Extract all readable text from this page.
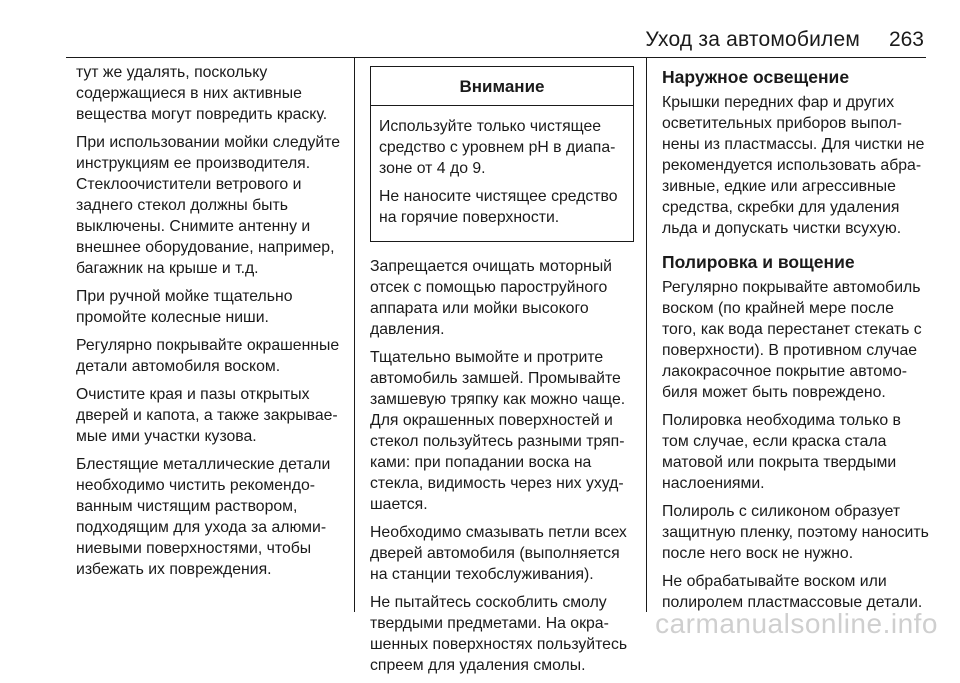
Уход за автомобилем 263

тут же удалять, поскольку содержащиеся в них активные вещества могут повредить краску.

При использовании мойки следуйте инструкциям ее производителя. Стеклоочистители ветрового и заднего стекол должны быть выключены. Снимите антенну и внешнее оборудование, например, багажник на крыше и т.д.

При ручной мойке тщательно промойте колесные ниши.

Регулярно покрывайте окрашенные детали автомобиля воском.

Очистите края и пазы открытых дверей и капота, а также закрываемые ими участки кузова.

Блестящие металлические детали необходимо чистить рекомендованным чистящим раствором, подходящим для ухода за алюминиевыми поверхностями, чтобы избежать их повреждения.

Внимание

Используйте только чистящее средство с уровнем pH в диапазоне от 4 до 9.

Не наносите чистящее средство на горячие поверхности.

Запрещается очищать моторный отсек с помощью пароструйного аппарата или мойки высокого давления.

Тщательно вымойте и протрите автомобиль замшей. Промывайте замшевую тряпку как можно чаще. Для окрашенных поверхностей и стекол пользуйтесь разными тряпками: при попадании воска на стекла, видимость через них ухудшается.

Необходимо смазывать петли всех дверей автомобиля (выполняется на станции техобслуживания).

Не пытайтесь соскоблить смолу твердыми предметами. На окрашенных поверхностях пользуйтесь спреем для удаления смолы.

Наружное освещение

Крышки передних фар и других осветительных приборов выполнены из пластмассы. Для чистки не рекомендуется использовать абразивные, едкие или агрессивные средства, скребки для удаления льда и допускать чистки всухую.

Полировка и вощение

Регулярно покрывайте автомобиль воском (по крайней мере после того, как вода перестанет стекать с поверхности). В противном случае лакокрасочное покрытие автомобиля может быть повреждено.

Полировка необходима только в том случае, если краска стала матовой или покрыта твердыми наслоениями.

Полироль с силиконом образует защитную пленку, поэтому наносить после него воск не нужно.

Не обрабатывайте воском или полиролем пластмассовые детали.

carmanualsonline.info
